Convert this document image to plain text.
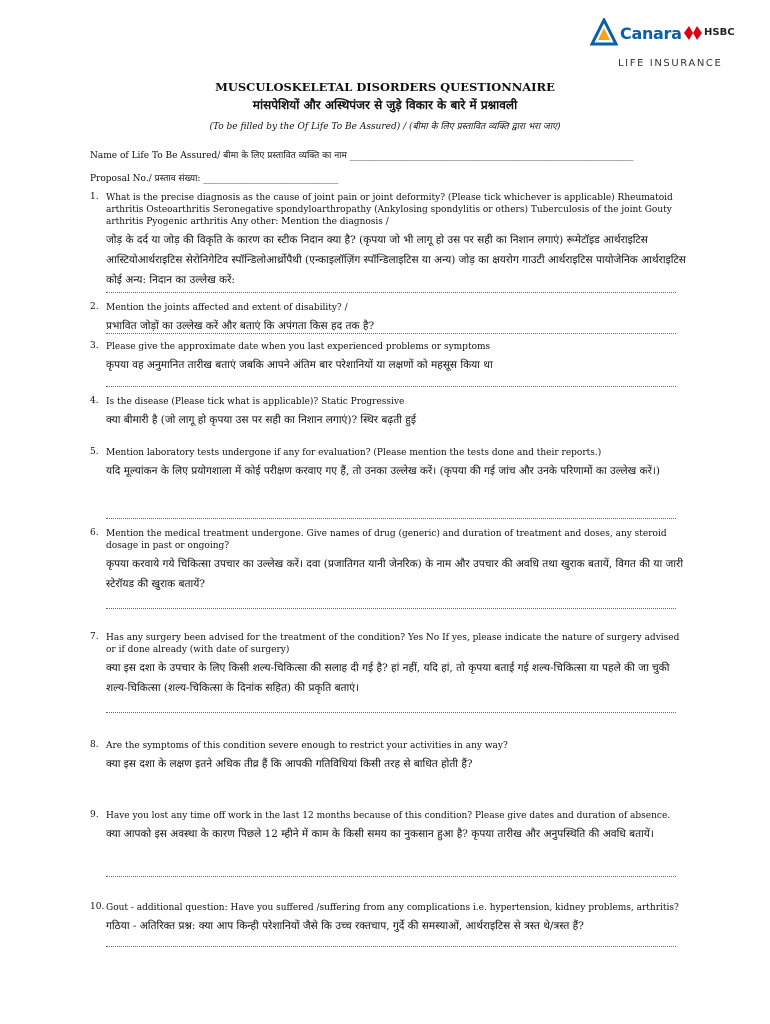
Canara HSBC
LIFE INSURANCE
MUSCULOSKELETAL DISORDERS QUESTIONNAIRE
मांसपेशियों और अस्थिपंजर से जुड़े विकार के बारे में प्रश्नावली
(To be filled by the Of Life To Be Assured) / (बीमा के लिए प्रस्तावित व्यक्ति द्वारा भरा जाए)
Name of Life To Be Assured/ बीमा के लिए प्रस्तावित व्यक्ति का नाम _______________________________________________________________
Proposal No./ प्रस्ताव संख्या: ______________________________
1. What is the precise diagnosis as the cause of joint pain or joint deformity? (Please tick whichever is applicable) Rheumatoid arthritis Osteoarthritis Seronegative spondyloarthropathy (Ankylosing spondylitis or others) Tuberculosis of the joint Gouty arthritis Pyogenic arthritis Any other: Mention the diagnosis /
जोड़ के दर्द या जोड़ की विकृति के कारण का स्टीक निदान क्या है? (कृपया जो भी लागू हो उस पर सही का निशान लगाएं) रूमेटॉइड आर्थराइटिस आस्टियोआर्थराइटिस सेरोनिगेटिव स्पॉन्डिलोआर्थ्रोपैथी (एन्काइलॉज़िंग स्पॉन्डिलाइटिस या अन्य) जोड़ का क्षयरोग गाउटी आर्थराइटिस पायोजेनिक आर्थराइटिस कोई अन्य: निदान का उल्लेख करें:
2. Mention the joints affected and extent of disability? /
प्रभावित जोड़ों का उल्लेख करें और बताएं कि अपंगता किस हद तक है?
3. Please give the approximate date when you last experienced problems or symptoms
कृपया वह अनुमानित तारीख बताएं जबकि आपने अंतिम बार परेशानियों या लक्षणों को महसूस किया था
4. Is the disease (Please tick what is applicable)? Static Progressive
क्या बीमारी है (जो लागू हो कृपया उस पर सही का निशान लगाएं)? स्थिर बढ़ती हुई
5. Mention laboratory tests undergone if any for evaluation? (Please mention the tests done and their reports.)
यदि मूल्यांकन के लिए प्रयोगशाला में कोई परीक्षण करवाए गए हैं, तो उनका उल्लेख करें। (कृपया की गई जांच और उनके परिणामों का उल्लेख करें।)
6. Mention the medical treatment undergone. Give names of drug (generic) and duration of treatment and doses, any steroid dosage in past or ongoing?
कृपया करवाये गये चिकित्सा उपचार का उल्लेख करें। दवा (प्रजातिगत यानी जेनरिक) के नाम और उपचार की अवधि तथा खुराक बतायें, विगत की या जारी स्टेरॉयड की खुराक बतायें?
7. Has any surgery been advised for the treatment of the condition? Yes No If yes, please indicate the nature of surgery advised or if done already (with date of surgery)
क्या इस दशा के उपचार के लिए किसी शल्य-चिकित्सा की सलाह दी गई है? हां नहीं, यदि हां, तो कृपया बताई गई शल्य-चिकित्सा या पहले की जा चुकी शल्य-चिकित्सा (शल्य-चिकित्सा के दिनांक सहित) की प्रकृति बताएं।
8. Are the symptoms of this condition severe enough to restrict your activities in any way?
क्या इस दशा के लक्षण इतने अधिक तीव्र हैं कि आपकी गतिविधियां किसी तरह से बाधित होती हैं?
9. Have you lost any time off work in the last 12 months because of this condition? Please give dates and duration of absence.
क्या आपको इस अवस्था के कारण पिछले 12 म्हीने में काम के किसी समय का नुकसान हुआ है? कृपया तारीख और अनुपस्थिति की अवधि बतायें।
10. Gout - additional question: Have you suffered /suffering from any complications i.e. hypertension, kidney problems, arthritis?
गठिया - अतिरिक्त प्रश्न: क्या आप किन्ही परेशानियों जैसे कि उच्च रक्तचाप, गुर्दे की समस्याओं, आर्थराइटिस से त्रस्त थे/त्रस्त हैं?
